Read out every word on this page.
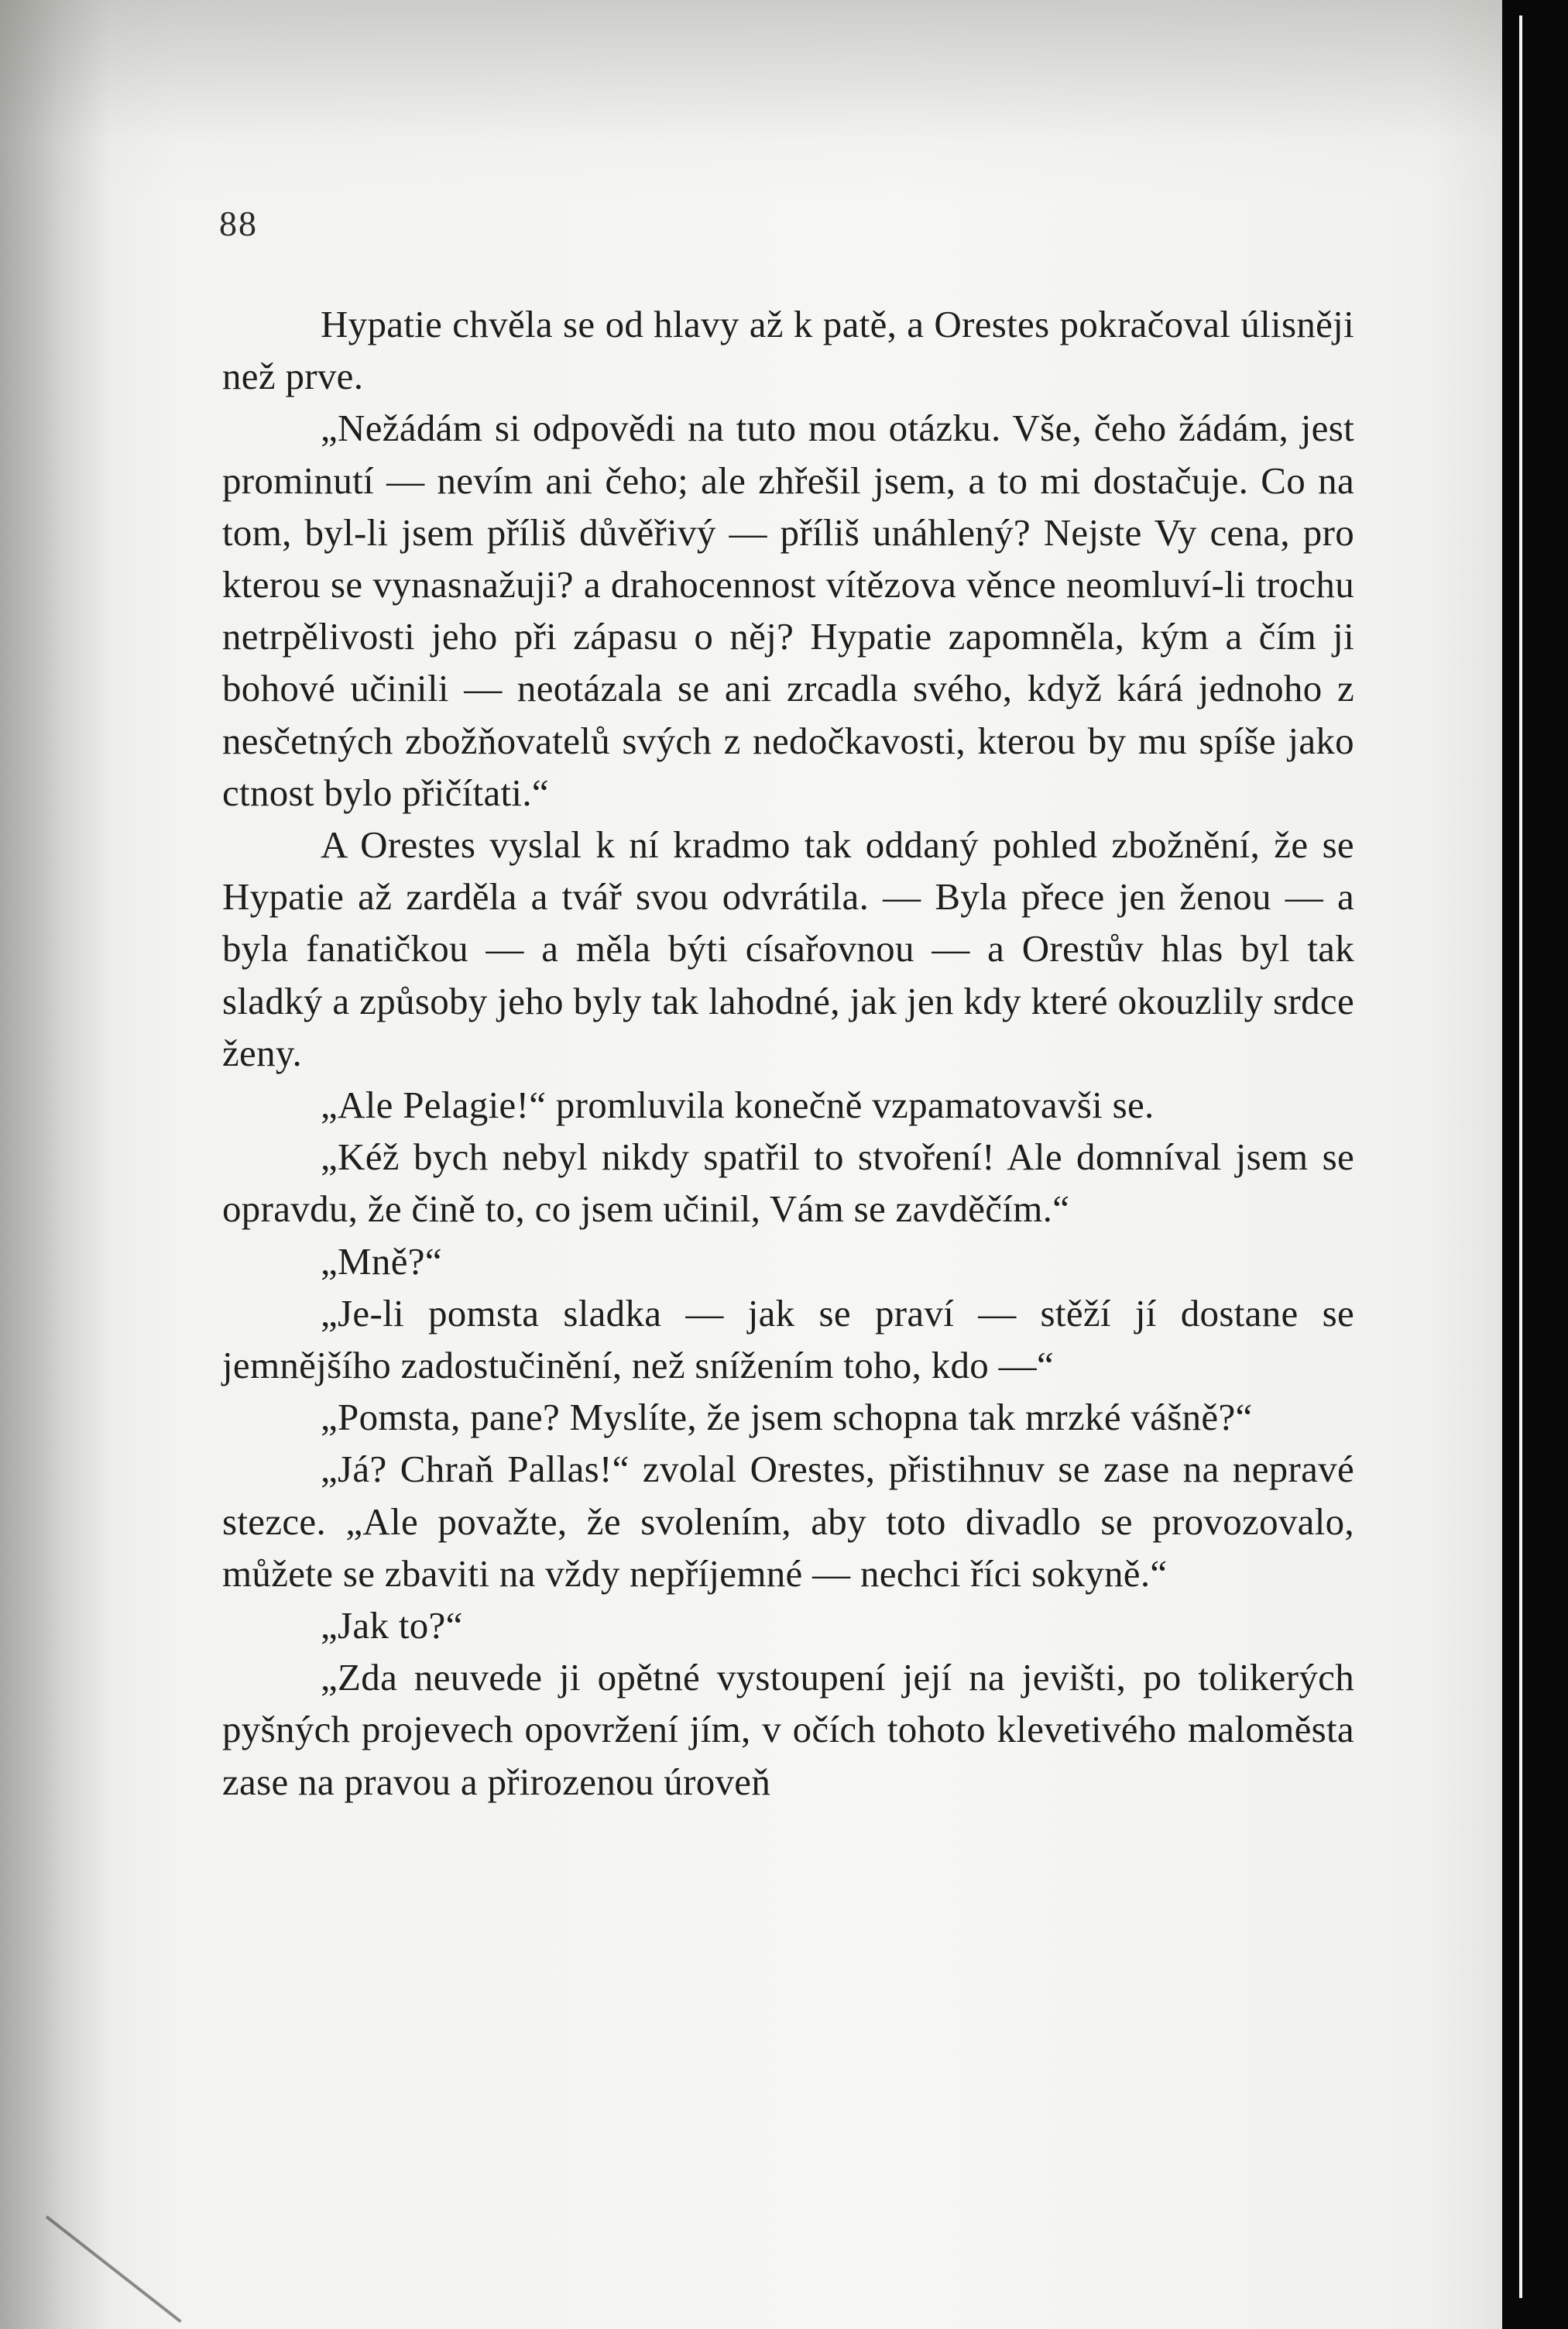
88

Hypatie chvěla se od hlavy až k patě, a Orestes pokračoval úlisněji než prve.

„Nežádám si odpovědi na tuto mou otázku. Vše, čeho žádám, jest prominutí — nevím ani čeho; ale zhřešil jsem, a to mi dostačuje. Co na tom, byl-li jsem příliš důvěřivý — příliš unáhlený? Nejste Vy cena, pro kterou se vynasnažuji? a drahocennost vítězova věnce neomluví-li trochu netrpělivosti jeho při zápasu o něj? Hypatie zapomněla, kým a čím ji bohové učinili — neotázala se ani zrcadla svého, když kárá jednoho z nesčetných zbožňovatelů svých z nedočkavosti, kterou by mu spíše jako ctnost bylo přičítati.“

A Orestes vyslal k ní kradmo tak oddaný pohled zbožnění, že se Hypatie až zarděla a tvář svou odvrátila. — Byla přece jen ženou — a byla fanatičkou — a měla býti císařovnou — a Orestův hlas byl tak sladký a způsoby jeho byly tak lahodné, jak jen kdy které okouzlily srdce ženy.

„Ale Pelagie!“ promluvila konečně vzpamatovavši se.

„Kéž bych nebyl nikdy spatřil to stvoření! Ale domníval jsem se opravdu, že čině to, co jsem učinil, Vám se zavděčím.“

„Mně?“

„Je-li pomsta sladka — jak se praví — stěží jí dostane se jemnějšího zadostučinění, než snížením toho, kdo —“

„Pomsta, pane? Myslíte, že jsem schopna tak mrzké vášně?“

„Já? Chraň Pallas!“ zvolal Orestes, přistihnuv se zase na nepravé stezce. „Ale považte, že svolením, aby toto divadlo se provozovalo, můžete se zbaviti na vždy nepříjemné — nechci říci sokyně.“

„Jak to?“

„Zda neuvede ji opětné vystoupení její na jevišti, po tolikerých pyšných projevech opovržení jím, v očích tohoto klevetivého maloměsta zase na pravou a přirozenou úroveň
